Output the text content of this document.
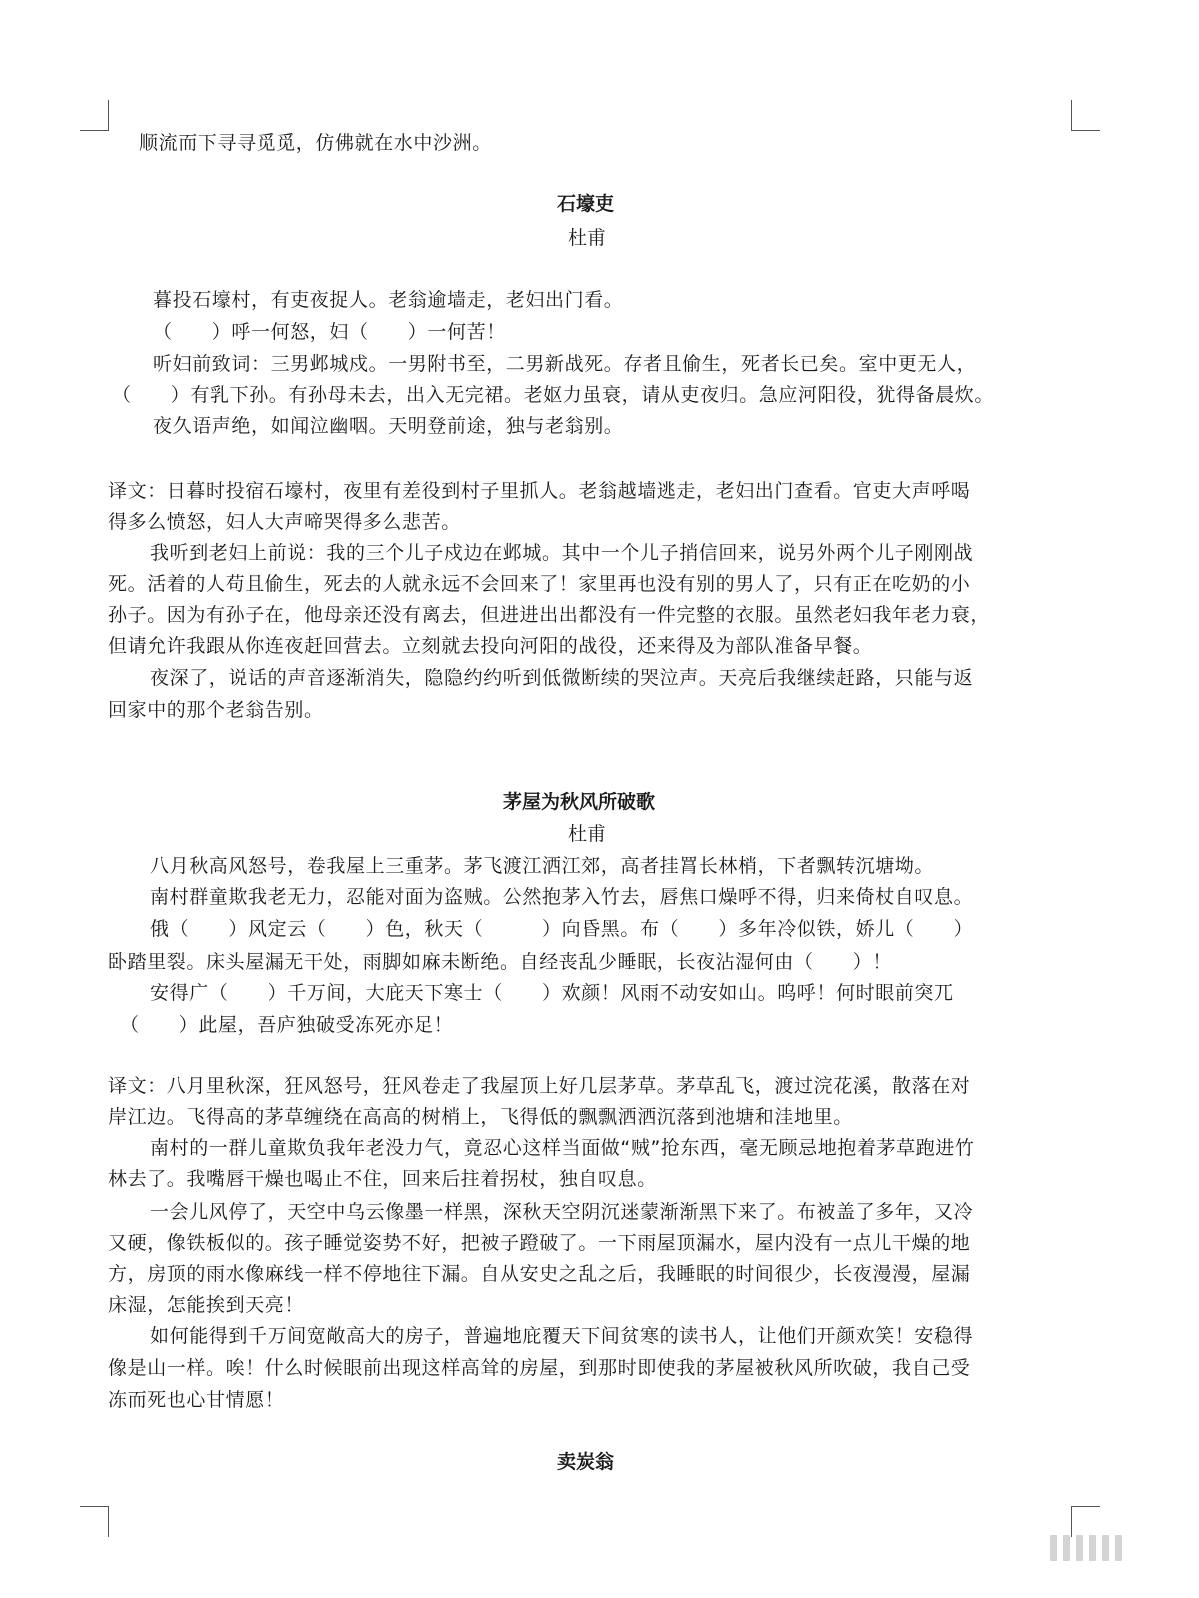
顺流而下寻寻觅觅，仿佛就在水中沙洲。
暮投石壕村，有吏夜捉人。老翁逾墙走，老妇出门看。
（　　）呼一何怒，妇（　　）一何苦！
听妇前致词：三男邺城戍。一男附书至，二男新战死。存者且偷生，死者长已矣。室中更无人，
（　　）有乳下孙。有孙母未去，出入无完裙。老妪力虽衰，请从吏夜归。急应河阳役，犹得备晨炊。
夜久语声绝，如闻泣幽咽。天明登前途，独与老翁别。
译文：日暮时投宿石壕村，夜里有差役到村子里抓人。老翁越墙逃走，老妇出门查看。官吏大声呼喝
得多么愤怒，妇人大声啼哭得多么悲苦。
我听到老妇上前说：我的三个儿子戍边在邺城。其中一个儿子捎信回来，说另外两个儿子刚刚战
死。活着的人苟且偷生，死去的人就永远不会回来了！家里再也没有别的男人了，只有正在吃奶的小
孙子。因为有孙子在，他母亲还没有离去，但进进出出都没有一件完整的衣服。虽然老妇我年老力衰，
但请允许我跟从你连夜赶回营去。立刻就去投向河阳的战役，还来得及为部队准备早餐。
夜深了，说话的声音逐渐消失，隐隐约约听到低微断续的哭泣声。天亮后我继续赶路，只能与返
回家中的那个老翁告别。
八月秋高风怒号，卷我屋上三重茅。茅飞渡江洒江郊，高者挂罥长林梢，下者飘转沉塘坳。
南村群童欺我老无力，忍能对面为盗贼。公然抱茅入竹去，唇焦口燥呼不得，归来倚杖自叹息。
俄（　　）风定云（　　）色，秋天（　　　）向昏黑。布（　　）多年冷似铁，娇儿（　　）
卧踏里裂。床头屋漏无干处，雨脚如麻未断绝。自经丧乱少睡眠，长夜沾湿何由（　　）！
安得广（　　）千万间，大庇天下寒士（　　）欢颜！风雨不动安如山。呜呼！何时眼前突兀
（　　）此屋，吾庐独破受冻死亦足！
译文：八月里秋深，狂风怒号，狂风卷走了我屋顶上好几层茅草。茅草乱飞，渡过浣花溪，散落在对
岸江边。飞得高的茅草缠绕在高高的树梢上，飞得低的飘飘洒洒沉落到池塘和洼地里。
南村的一群儿童欺负我年老没力气，竟忍心这样当面做“贼”抢东西，毫无顾忌地抱着茅草跑进竹
林去了。我嘴唇干燥也喝止不住，回来后拄着拐杖，独自叹息。
一会儿风停了，天空中乌云像墨一样黑，深秋天空阴沉迷蒙渐渐黑下来了。布被盖了多年，又冷
又硬，像铁板似的。孩子睡觉姿势不好，把被子蹬破了。一下雨屋顶漏水，屋内没有一点儿干燥的地
方，房顶的雨水像麻线一样不停地往下漏。自从安史之乱之后，我睡眠的时间很少，长夜漫漫，屋漏
床湿，怎能挨到天亮！
如何能得到千万间宽敞高大的房子，普遍地庇覆天下间贫寒的读书人，让他们开颜欢笑！安稳得
像是山一样。唉！什么时候眼前出现这样高耸的房屋，到那时即使我的茅屋被秋风所吹破，我自己受
冻而死也心甘情愿！
石壕吏
茅屋为秋风所破歌
卖炭翁
杜甫
杜甫
